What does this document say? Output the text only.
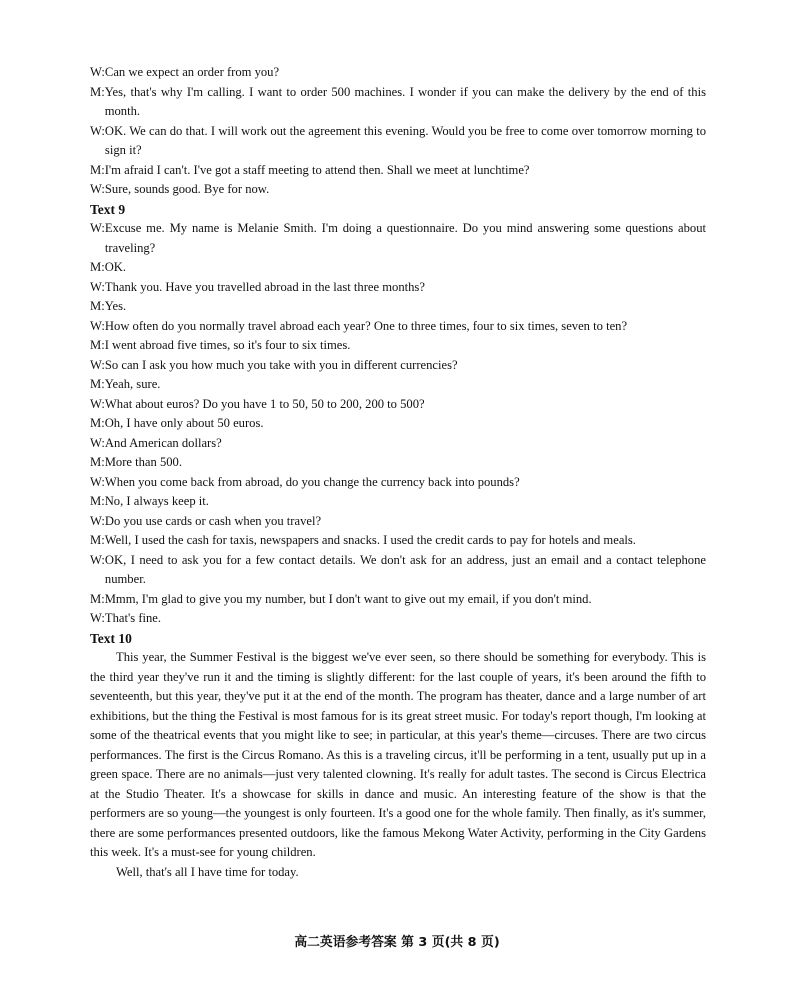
W: Can we expect an order from you?
M: Yes, that's why I'm calling. I want to order 500 machines. I wonder if you can make the delivery by the end of this month.
W: OK. We can do that. I will work out the agreement this evening. Would you be free to come over tomorrow morning to sign it?
M: I'm afraid I can't. I've got a staff meeting to attend then. Shall we meet at lunchtime?
W: Sure, sounds good. Bye for now.
Text 9
W: Excuse me. My name is Melanie Smith. I'm doing a questionnaire. Do you mind answering some questions about traveling?
M: OK.
W: Thank you. Have you travelled abroad in the last three months?
M: Yes.
W: How often do you normally travel abroad each year? One to three times, four to six times, seven to ten?
M: I went abroad five times, so it's four to six times.
W: So can I ask you how much you take with you in different currencies?
M: Yeah, sure.
W: What about euros? Do you have 1 to 50, 50 to 200, 200 to 500?
M: Oh, I have only about 50 euros.
W: And American dollars?
M: More than 500.
W: When you come back from abroad, do you change the currency back into pounds?
M: No, I always keep it.
W: Do you use cards or cash when you travel?
M: Well, I used the cash for taxis, newspapers and snacks. I used the credit cards to pay for hotels and meals.
W: OK, I need to ask you for a few contact details. We don't ask for an address, just an email and a contact telephone number.
M: Mmm, I'm glad to give you my number, but I don't want to give out my email, if you don't mind.
W: That's fine.
Text 10

This year, the Summer Festival is the biggest we've ever seen, so there should be something for everybody. This is the third year they've run it and the timing is slightly different: for the last couple of years, it's been around the fifth to seventeenth, but this year, they've put it at the end of the month. The program has theater, dance and a large number of art exhibitions, but the thing the Festival is most famous for is its great street music. For today's report though, I'm looking at some of the theatrical events that you might like to see; in particular, at this year's theme—circuses. There are two circus performances. The first is the Circus Romano. As this is a traveling circus, it'll be performing in a tent, usually put up in a green space. There are no animals—just very talented clowning. It's really for adult tastes. The second is Circus Electrica at the Studio Theater. It's a showcase for skills in dance and music. An interesting feature of the show is that the performers are so young—the youngest is only fourteen. It's a good one for the whole family. Then finally, as it's summer, there are some performances presented outdoors, like the famous Mekong Water Activity, performing in the City Gardens this week. It's a must-see for young children.

Well, that's all I have time for today.

高二英语参考答案 第 3 页(共 8 页)
